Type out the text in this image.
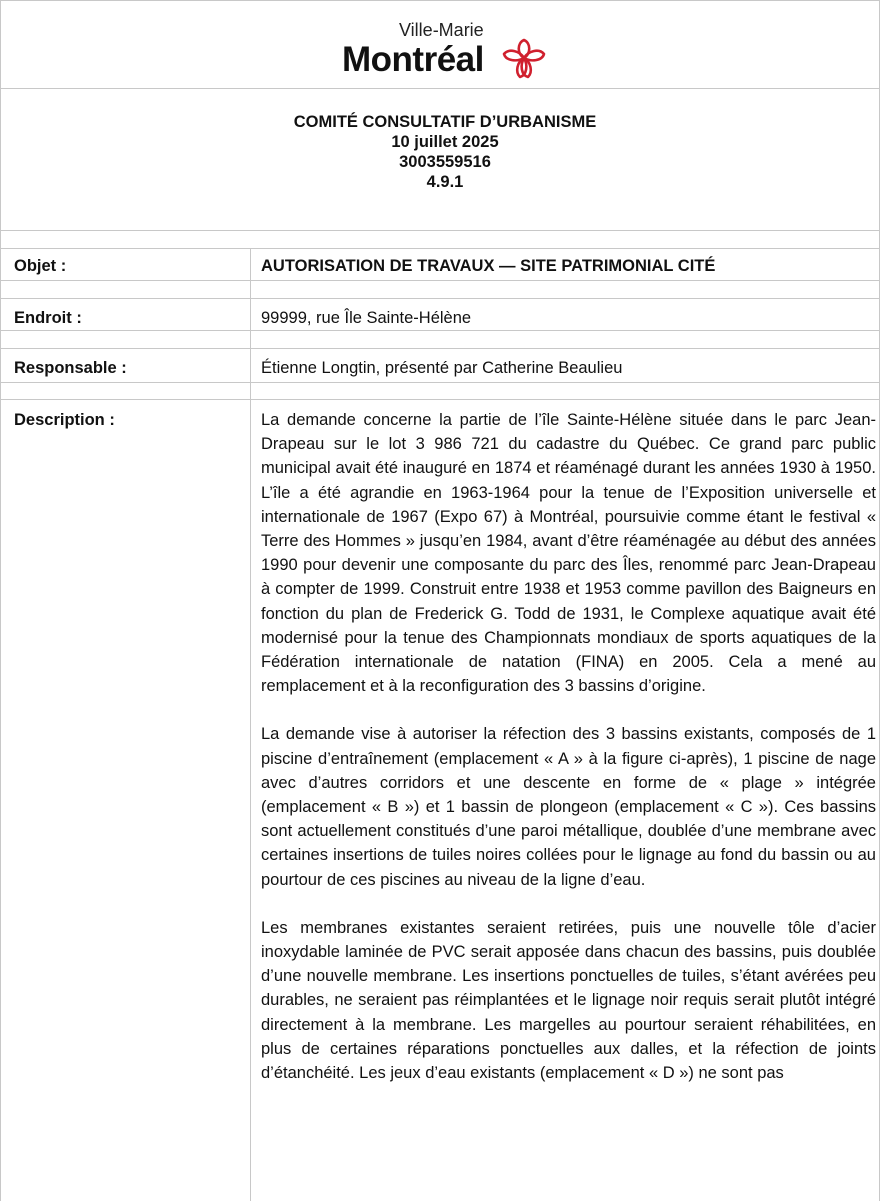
Ville-Marie
Montréal
COMITÉ CONSULTATIF D’URBANISME
10 juillet 2025
3003559516
4.9.1
Objet :	AUTORISATION DE TRAVAUX — SITE PATRIMONIAL CITÉ
Endroit :	99999, rue Île Sainte-Hélène
Responsable :	Étienne Longtin, présenté par Catherine Beaulieu
Description :	La demande concerne la partie de l’île Sainte-Hélène située dans le parc Jean-Drapeau sur le lot 3 986 721 du cadastre du Québec. Ce grand parc public municipal avait été inauguré en 1874 et réaménagé durant les années 1930 à 1950. L’île a été agrandie en 1963-1964 pour la tenue de l’Exposition universelle et internationale de 1967 (Expo 67) à Montréal, poursuivie comme étant le festival « Terre des Hommes » jusqu’en 1984, avant d’être réaménagée au début des années 1990 pour devenir une composante du parc des Îles, renommé parc Jean-Drapeau à compter de 1999. Construit entre 1938 et 1953 comme pavillon des Baigneurs en fonction du plan de Frederick G. Todd de 1931, le Complexe aquatique avait été modernisé pour la tenue des Championnats mondiaux de sports aquatiques de la Fédération internationale de natation (FINA) en 2005. Cela a mené au remplacement et à la reconfiguration des 3 bassins d’origine.

La demande vise à autoriser la réfection des 3 bassins existants, composés de 1 piscine d’entraînement (emplacement « A » à la figure ci-après), 1 piscine de nage avec d’autres corridors et une descente en forme de « plage » intégrée (emplacement « B ») et 1 bassin de plongeon (emplacement « C »). Ces bassins sont actuellement constitués d’une paroi métallique, doublée d’une membrane avec certaines insertions de tuiles noires collées pour le lignage au fond du bassin ou au pourtour de ces piscines au niveau de la ligne d’eau.

Les membranes existantes seraient retirées, puis une nouvelle tôle d’acier inoxydable laminée de PVC serait apposée dans chacun des bassins, puis doublée d’une nouvelle membrane. Les insertions ponctuelles de tuiles, s’étant avérées peu durables, ne seraient pas réimplantées et le lignage noir requis serait plutôt intégré directement à la membrane. Les margelles au pourtour seraient réhabilitées, en plus de certaines réparations ponctuelles aux dalles, et la réfection de joints d’étanchéité. Les jeux d’eau existants (emplacement « D ») ne sont pas
